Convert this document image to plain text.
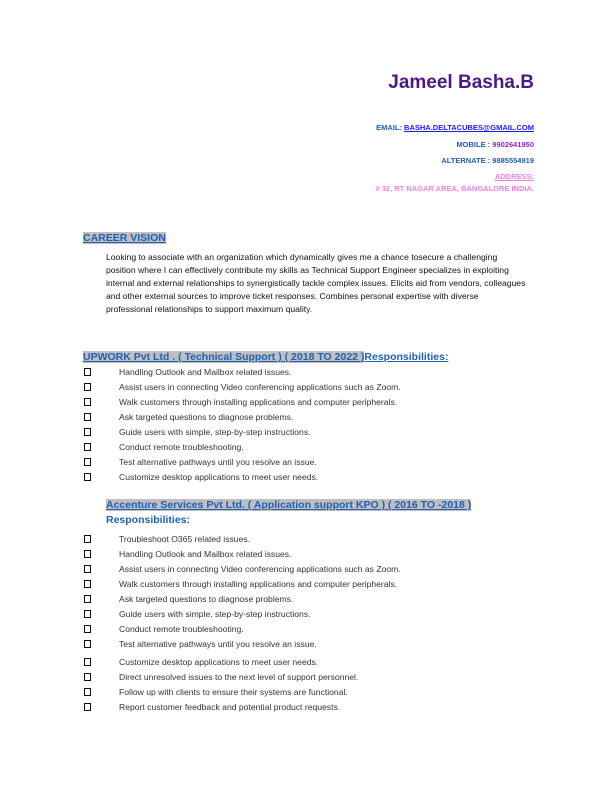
Jameel Basha.B
EMAIL: BASHA.DELTACUBES@GMAIL.COM
MOBILE : 9902641950
ALTERNATE : 9885554919
ADDRESS:
# 32, RT NAGAR AREA, BANGALORE INDIA.
CAREER VISION
Looking to associate with an organization which dynamically gives me a chance tosecure a challenging position where I can effectively contribute my skills as Technical Support Engineer specializes in exploiting internal and external relationships to synergistically tackle complex issues. Elicits aid from vendors, colleagues and other external sources to improve ticket responses. Combines personal expertise with diverse professional relationships to support maximum quality.
UPWORK Pvt Ltd . ( Technical Support ) ( 2018 TO 2022 )Responsibilities:
Handling Outlook and Mailbox related issues.
Assist users in connecting Video conferencing applications such as Zoom.
Walk customers through installing applications and computer peripherals.
Ask targeted questions to diagnose problems.
Guide users with simple, step-by-step instructions.
Conduct remote troubleshooting.
Test alternative pathways until you resolve an issue.
Customize desktop applications to meet user needs.
Accenture Services Pvt Ltd. ( Application support KPO ) ( 2016 TO -2018 )
Responsibilities:
Troubleshoot O365 related issues.
Handling Outlook and Mailbox related issues.
Assist users in connecting Video conferencing applications such as Zoom.
Walk customers through installing applications and computer peripherals.
Ask targeted questions to diagnose problems.
Guide users with simple, step-by-step instructions.
Conduct remote troubleshooting.
Test alternative pathways until you resolve an issue.
Customize desktop applications to meet user needs.
Direct unresolved issues to the next level of support personnel.
Follow up with clients to ensure their systems are functional.
Report customer feedback and potential product requests.
